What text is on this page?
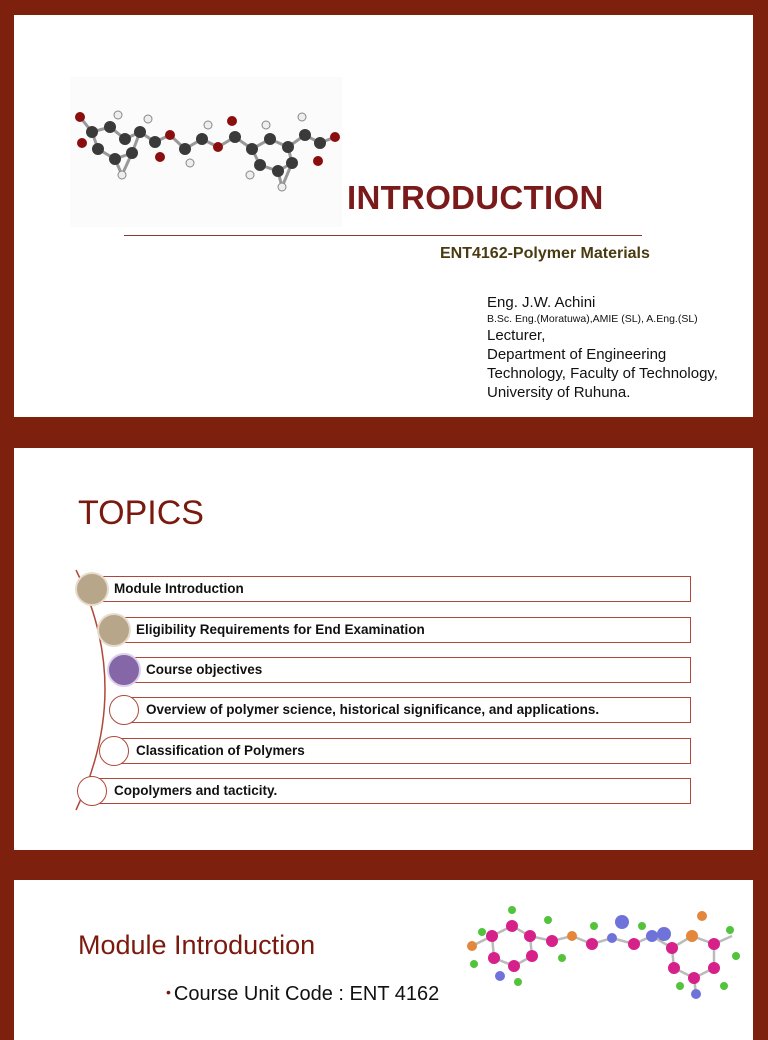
INTRODUCTION
ENT4162-Polymer Materials
Eng. J.W. Achini
B.Sc. Eng.(Moratuwa),AMIE (SL), A.Eng.(SL)
Lecturer,
Department of Engineering
Technology, Faculty of Technology,
University of Ruhuna.
TOPICS
Module Introduction
Eligibility Requirements for End Examination
Course objectives
Overview of polymer science, historical significance, and applications.
Classification of Polymers
Copolymers and tacticity.
Module Introduction
• Course Unit Code : ENT 4162
